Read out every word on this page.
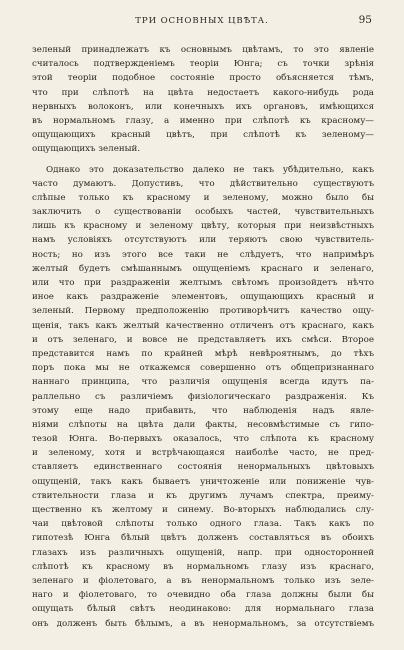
ТРИ ОСНОВНЫХ ЦВѢТА.	95
зеленый принадлежатъ къ основнымъ цвѣтамъ, то это явленіе
считалось подтвержденіемъ теоріи Юнга; съ точки зрѣнія
этой теоріи подобное состояніе просто объясняется тѣмъ,
что при слѣпотѣ на цвѣта недостаетъ какого-нибудь рода
нервныхъ волоконъ, или конечныхъ ихъ органовъ, имѣющихся
въ нормальномъ глазу, а именно при слѣпотѣ къ красному—
ощущающихъ красный цвѣтъ, при слѣпотѣ къ зеленому—
ощущающихъ зеленый.
Однако это доказательство далеко не такъ убѣдительно, какъ
часто думаютъ. Допустивъ, что дѣйствительно существуютъ
слѣпые только къ красному и зеленому, можно было бы
заключить о существованіи особыхъ частей, чувствительныхъ
лишь къ красному и зеленому цвѣту, которыя при неизвѣстныхъ
намъ условіяхъ отсутствуютъ или теряютъ свою чувствитель-
ность; но изъ этого все таки не слѣдуетъ, что напримѣръ
желтый будетъ смѣшаннымъ ощущеніемъ краснаго и зеленаго,
или что при раздраженіи желтымъ свѣтомъ произойдетъ нѣчто
иное какъ раздраженіе элементовъ, ощущающихъ красный и
зеленый. Первому предположенію противорѣчитъ качество ощу-
щенія, такъ какъ желтый качественно отличенъ отъ краснаго, какъ
и отъ зеленаго, и вовсе не представляетъ ихъ смѣси. Второе
представится намъ по крайней мѣрѣ невѣроятнымъ, до тѣхъ
поръ пока мы не откажемся совершенно отъ общепризнаннаго
наннаго принципа, что различія ощущенія всегда идутъ па-
раллельно съ различіемъ физіологическаго раздраженія. Къ
этому еще надо прибавить, что наблюденія надъ явле-
ніями слѣпоты на цвѣта дали факты, несовмѣстимые съ гипо-
тезой Юнга. Во-первыхъ оказалось, что слѣпота къ красному
и зеленому, хотя и встрѣчающаяся наиболѣе часто, не пред-
ставляетъ единственнаго состоянія ненормальныхъ цвѣтовыхъ
ощущеній, такъ какъ бываетъ уничтоженіе или пониженіе чув-
ствительности глаза и къ другимъ лучамъ спектра, преиму-
щественно къ желтому и синему. Во-вторыхъ наблюдались слу-
чаи цвѣтовой слѣпоты только одного глаза. Такъ какъ по
гипотезѣ Юнга бѣлый цвѣтъ долженъ составляться въ обоихъ
глазахъ изъ различныхъ ощущеній, напр. при односторонней
слѣпотѣ къ красному въ нормальномъ глазу изъ краснаго,
зеленаго и фіолетоваго, а въ ненормальномъ только изъ зеле-
наго и фіолетоваго, то очевидно оба глаза должны были бы
ощущать бѣлый свѣтъ неодинаково: для нормальнаго глаза
онъ долженъ быть бѣлымъ, а въ ненормальномъ, за отсутствіемъ
